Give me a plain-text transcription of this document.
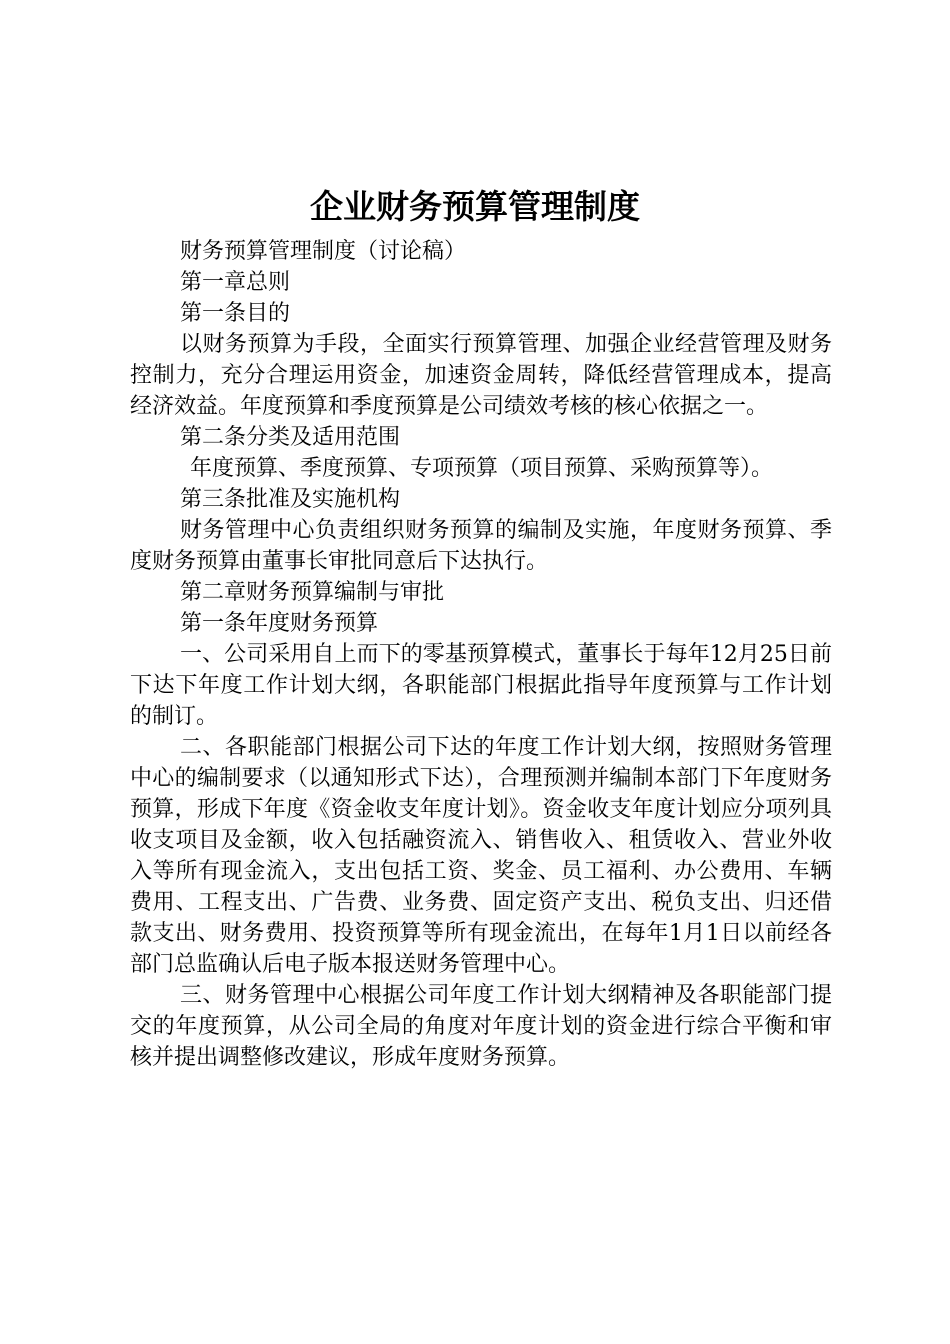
企业财务预算管理制度

财务预算管理制度（讨论稿）

第一章总则

第一条目的

以财务预算为手段，全面实行预算管理、加强企业经营管理及财务控制力，充分合理运用资金，加速资金周转，降低经营管理成本，提高经济效益。年度预算和季度预算是公司绩效考核的核心依据之一。

第二条分类及适用范围

年度预算、季度预算、专项预算（项目预算、采购预算等）。

第三条批准及实施机构

财务管理中心负责组织财务预算的编制及实施，年度财务预算、季度财务预算由董事长审批同意后下达执行。

第二章财务预算编制与审批

第一条年度财务预算

一、公司采用自上而下的零基预算模式，董事长于每年12月25日前下达下年度工作计划大纲，各职能部门根据此指导年度预算与工作计划的制订。

二、各职能部门根据公司下达的年度工作计划大纲，按照财务管理中心的编制要求（以通知形式下达），合理预测并编制本部门下年度财务预算，形成下年度《资金收支年度计划》。资金收支年度计划应分项列具收支项目及金额，收入包括融资流入、销售收入、租赁收入、营业外收入等所有现金流入，支出包括工资、奖金、员工福利、办公费用、车辆费用、工程支出、广告费、业务费、固定资产支出、税负支出、归还借款支出、财务费用、投资预算等所有现金流出，在每年1月1日以前经各部门总监确认后电子版本报送财务管理中心。

三、财务管理中心根据公司年度工作计划大纲精神及各职能部门提交的年度预算，从公司全局的角度对年度计划的资金进行综合平衡和审核并提出调整修改建议，形成年度财务预算。
